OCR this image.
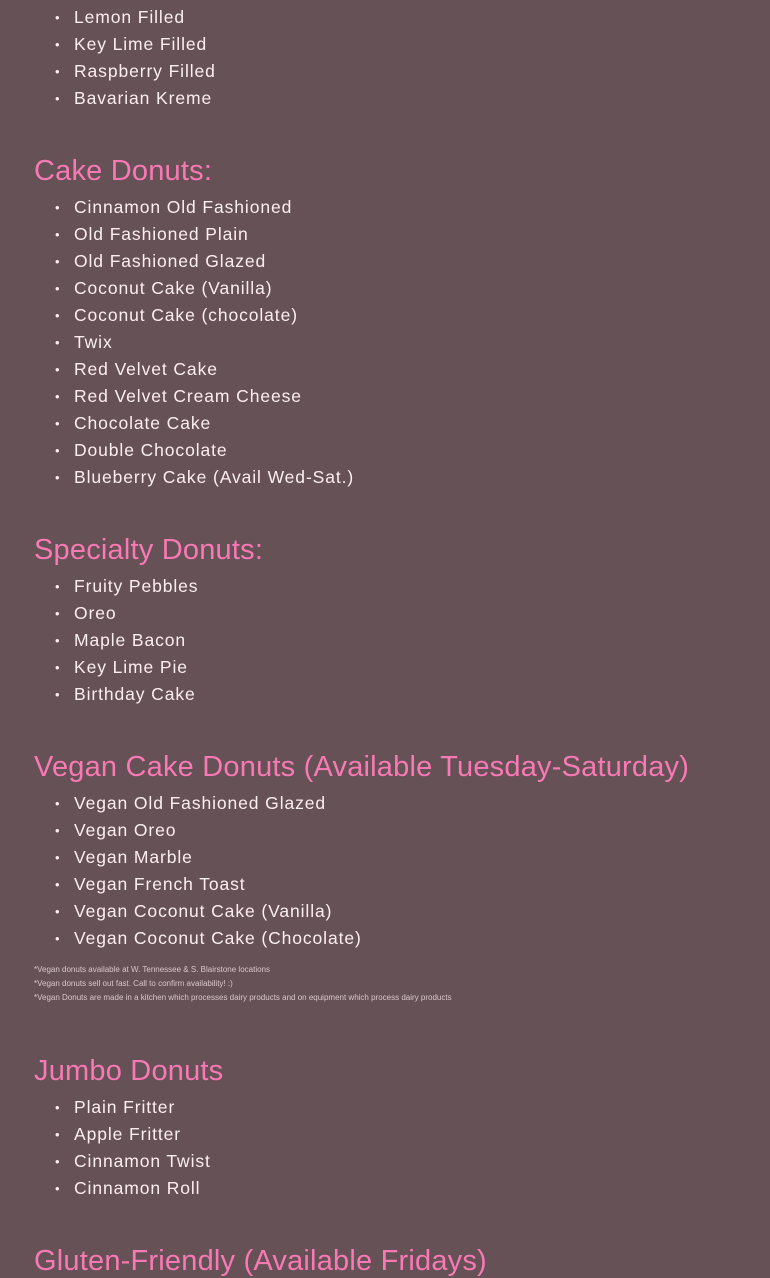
• Lemon Filled
• Key Lime Filled
• Raspberry Filled
• Bavarian Kreme
Cake Donuts:
• Cinnamon Old Fashioned
• Old Fashioned Plain
• Old Fashioned Glazed
• Coconut Cake (Vanilla)
• Coconut Cake (chocolate)
• Twix
• Red Velvet Cake
• Red Velvet Cream Cheese
• Chocolate Cake
• Double Chocolate
• Blueberry Cake (Avail Wed-Sat.)
Specialty Donuts:
• Fruity Pebbles
• Oreo
• Maple Bacon
• Key Lime Pie
• Birthday Cake
Vegan Cake Donuts (Available Tuesday-Saturday)
• Vegan Old Fashioned Glazed
• Vegan Oreo
• Vegan Marble
• Vegan French Toast
• Vegan Coconut Cake (Vanilla)
• Vegan Coconut Cake (Chocolate)
*Vegan donuts available at W. Tennessee & S. Blairstone locations
*Vegan donuts sell out fast. Call to confirm availability! :)
*Vegan Donuts are made in a kitchen which processes dairy products and on equipment which process dairy products
Jumbo Donuts
• Plain Fritter
• Apple Fritter
• Cinnamon Twist
• Cinnamon Roll
Gluten-Friendly (Available Fridays)
